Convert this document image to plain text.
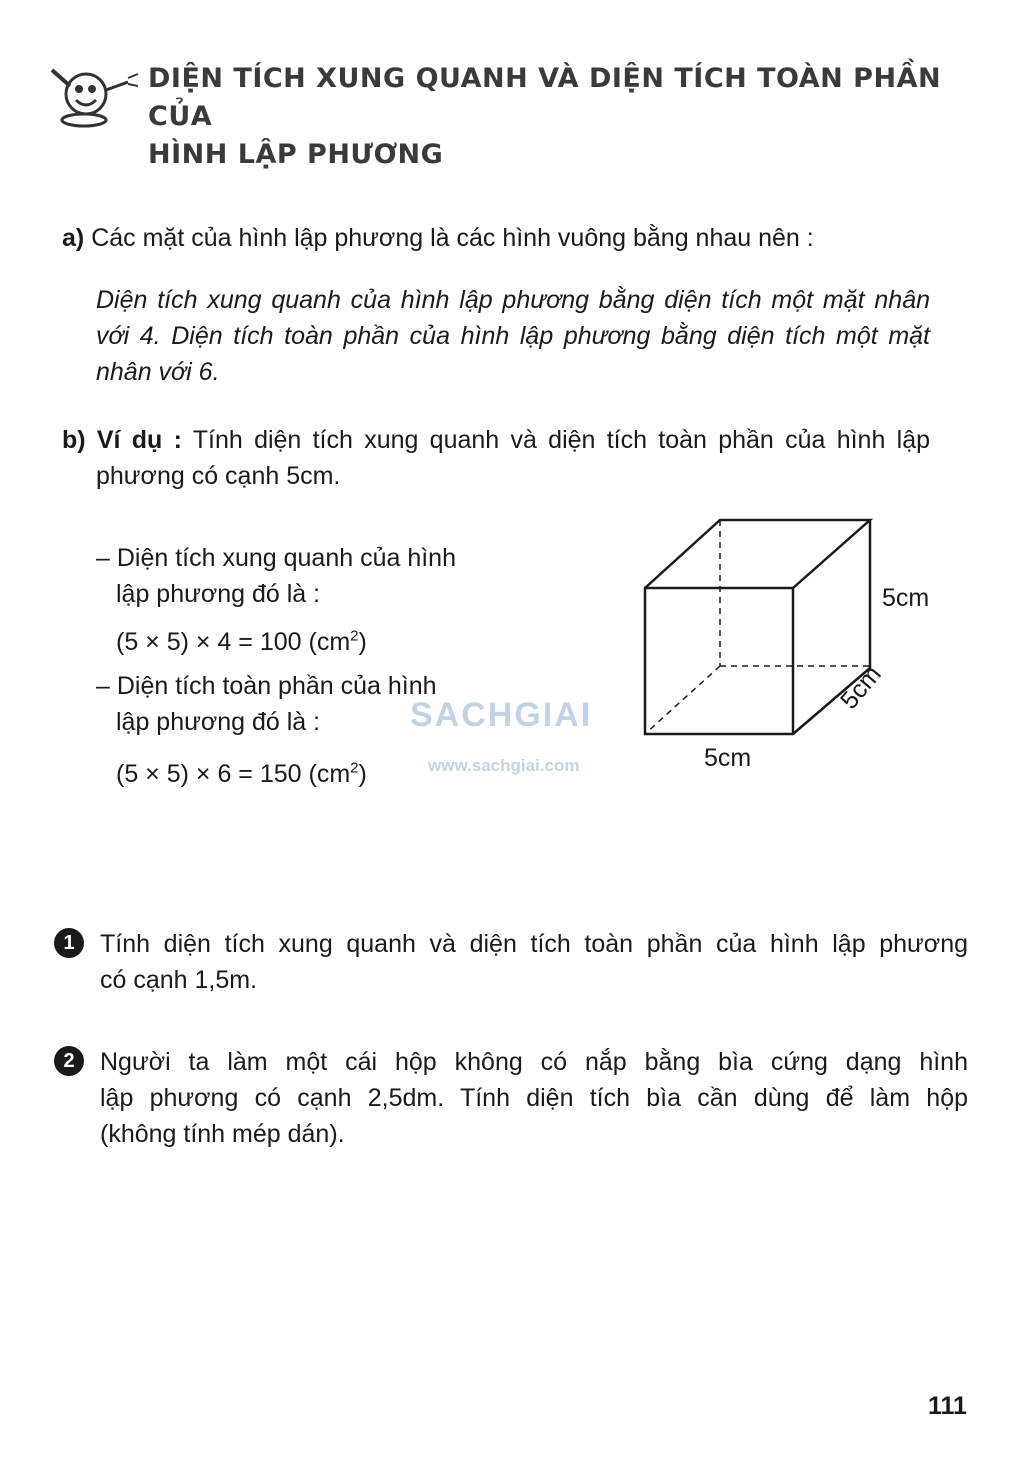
DIỆN TÍCH XUNG QUANH VÀ DIỆN TÍCH TOÀN PHẦN CỦA
HÌNH LẬP PHƯƠNG
a) Các mặt của hình lập phương là các hình vuông bằng nhau nên :
Diện tích xung quanh của hình lập phương bằng diện tích một mặt nhân
với 4. Diện tích toàn phần của hình lập phương bằng diện tích một mặt
nhân với 6.
b) Ví dụ : Tính diện tích xung quanh và diện tích toàn phần của hình lập
phương có cạnh 5cm.
– Diện tích xung quanh của hình
lập phương đó là :
(5 × 5) × 4 = 100 $(cm^2)$
– Diện tích toàn phần của hình
lập phương đó là :
(5 × 5) × 6 = 150 $(cm^2)$
SACHGIAI
www.sachgiai.com
5cm
5cm
5cm
1	Tính diện tích xung quanh và diện tích toàn phần của hình lập phương
có cạnh 1,5m.
2	Người ta làm một cái hộp không có nắp bằng bìa cứng dạng hình
lập phương có cạnh 2,5dm. Tính diện tích bìa cần dùng để làm hộp
(không tính mép dán).
111
